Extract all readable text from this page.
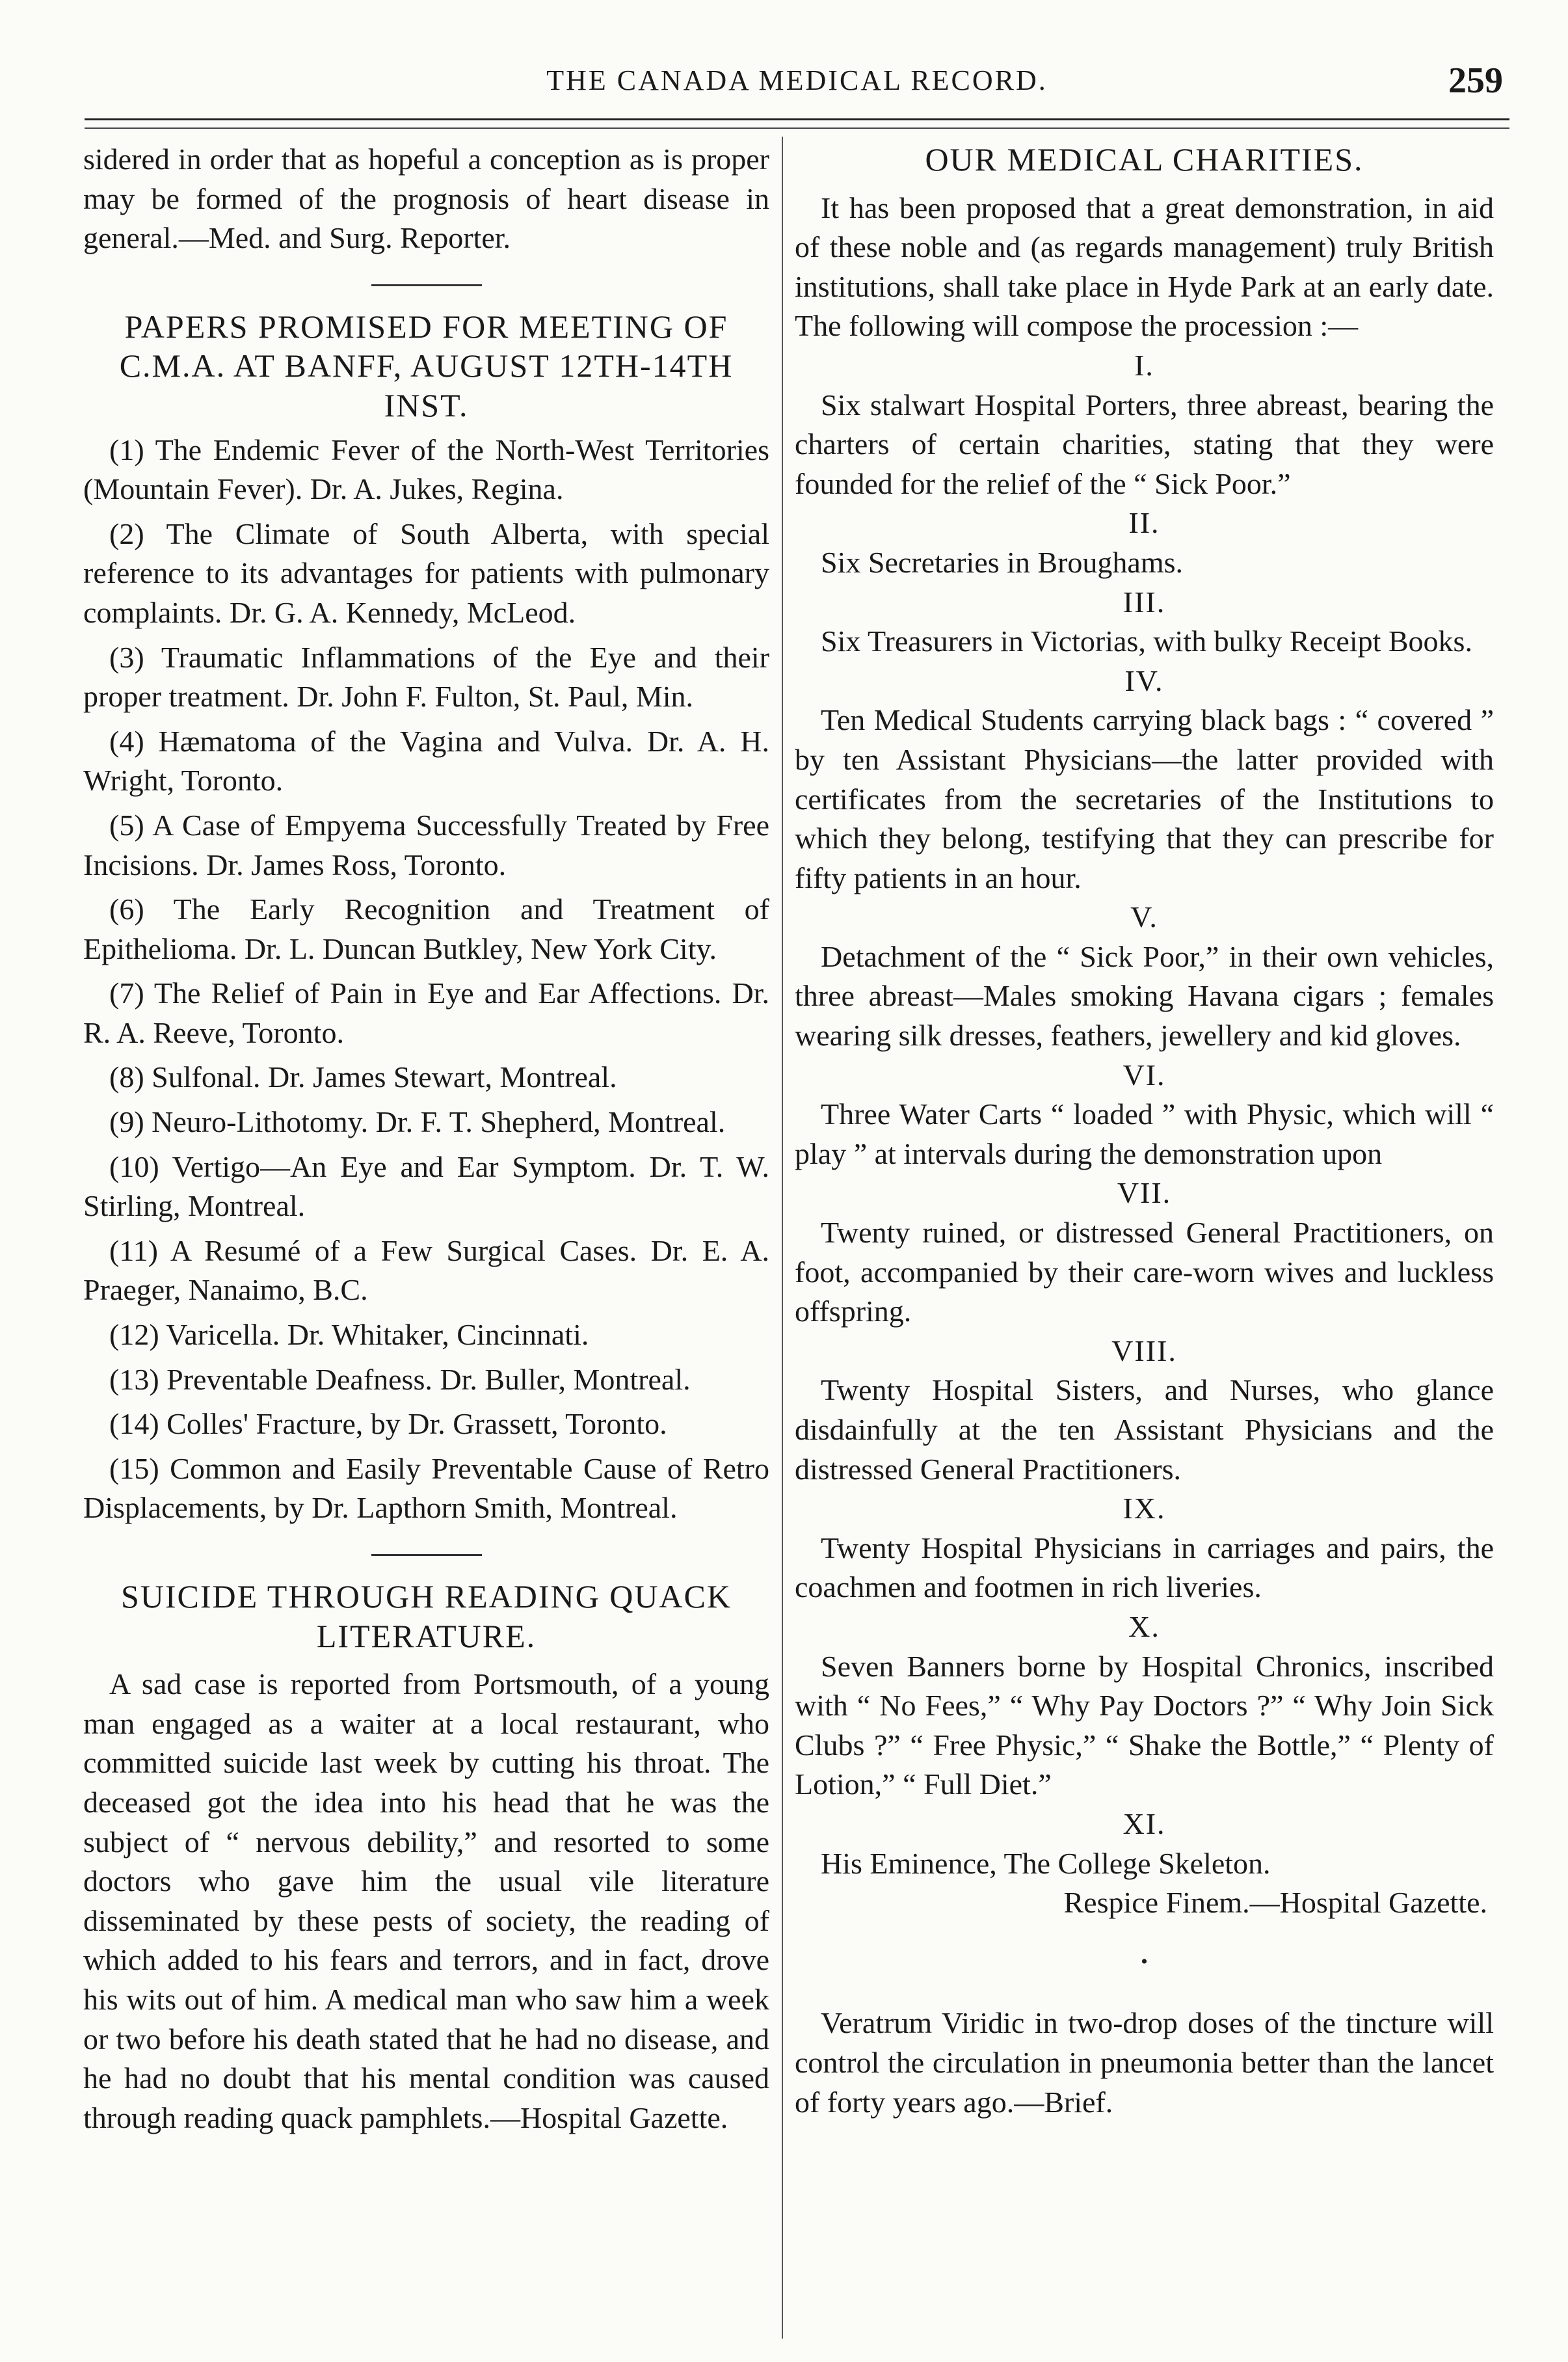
THE CANADA MEDICAL RECORD.	259

sidered in order that as hopeful a conception as is proper may be formed of the prognosis of heart disease in general.—Med. and Surg. Reporter.

PAPERS PROMISED FOR MEETING OF C.M.A. AT BANFF, AUGUST 12TH-14TH INST.

(1) The Endemic Fever of the North-West Territories (Mountain Fever). Dr. A. Jukes, Regina.

(2) The Climate of South Alberta, with special reference to its advantages for patients with pulmonary complaints. Dr. G. A. Kennedy, McLeod.

(3) Traumatic Inflammations of the Eye and their proper treatment. Dr. John F. Fulton, St. Paul, Min.

(4) Hæmatoma of the Vagina and Vulva. Dr. A. H. Wright, Toronto.

(5) A Case of Empyema Successfully Treated by Free Incisions. Dr. James Ross, Toronto.

(6) The Early Recognition and Treatment of Epithelioma. Dr. L. Duncan Butkley, New York City.

(7) The Relief of Pain in Eye and Ear Affections. Dr. R. A. Reeve, Toronto.

(8) Sulfonal. Dr. James Stewart, Montreal.

(9) Neuro-Lithotomy. Dr. F. T. Shepherd, Montreal.

(10) Vertigo—An Eye and Ear Symptom. Dr. T. W. Stirling, Montreal.

(11) A Resumé of a Few Surgical Cases. Dr. E. A. Praeger, Nanaimo, B.C.

(12) Varicella. Dr. Whitaker, Cincinnati.

(13) Preventable Deafness. Dr. Buller, Montreal.

(14) Colles' Fracture, by Dr. Grassett, Toronto.

(15) Common and Easily Preventable Cause of Retro Displacements, by Dr. Lapthorn Smith, Montreal.

SUICIDE THROUGH READING QUACK LITERATURE.

A sad case is reported from Portsmouth, of a young man engaged as a waiter at a local restaurant, who committed suicide last week by cutting his throat. The deceased got the idea into his head that he was the subject of “ nervous debility,” and resorted to some doctors who gave him the usual vile literature disseminated by these pests of society, the reading of which added to his fears and terrors, and in fact, drove his wits out of him. A medical man who saw him a week or two before his death stated that he had no disease, and he had no doubt that his mental condition was caused through reading quack pamphlets.—Hospital Gazette.

OUR MEDICAL CHARITIES.

It has been proposed that a great demonstration, in aid of these noble and (as regards management) truly British institutions, shall take place in Hyde Park at an early date. The following will compose the procession :—

I.

Six stalwart Hospital Porters, three abreast, bearing the charters of certain charities, stating that they were founded for the relief of the “ Sick Poor.”

II.

Six Secretaries in Broughams.

III.

Six Treasurers in Victorias, with bulky Receipt Books.

IV.

Ten Medical Students carrying black bags : “ covered ” by ten Assistant Physicians—the latter provided with certificates from the secretaries of the Institutions to which they belong, testifying that they can prescribe for fifty patients in an hour.

V.

Detachment of the “ Sick Poor,” in their own vehicles, three abreast—Males smoking Havana cigars ; females wearing silk dresses, feathers, jewellery and kid gloves.

VI.

Three Water Carts “ loaded ” with Physic, which will “ play ” at intervals during the demonstration upon

VII.

Twenty ruined, or distressed General Practitioners, on foot, accompanied by their care-worn wives and luckless offspring.

VIII.

Twenty Hospital Sisters, and Nurses, who glance disdainfully at the ten Assistant Physicians and the distressed General Practitioners.

IX.

Twenty Hospital Physicians in carriages and pairs, the coachmen and footmen in rich liveries.

X.

Seven Banners borne by Hospital Chronics, inscribed with “ No Fees,” “ Why Pay Doctors ?” “ Why Join Sick Clubs ?” “ Free Physic,” “ Shake the Bottle,” “ Plenty of Lotion,” “ Full Diet.”

XI.

His Eminence, The College Skeleton.

Respice Finem.—Hospital Gazette.

•

Veratrum Viridic in two-drop doses of the tincture will control the circulation in pneumonia better than the lancet of forty years ago.—Brief.
